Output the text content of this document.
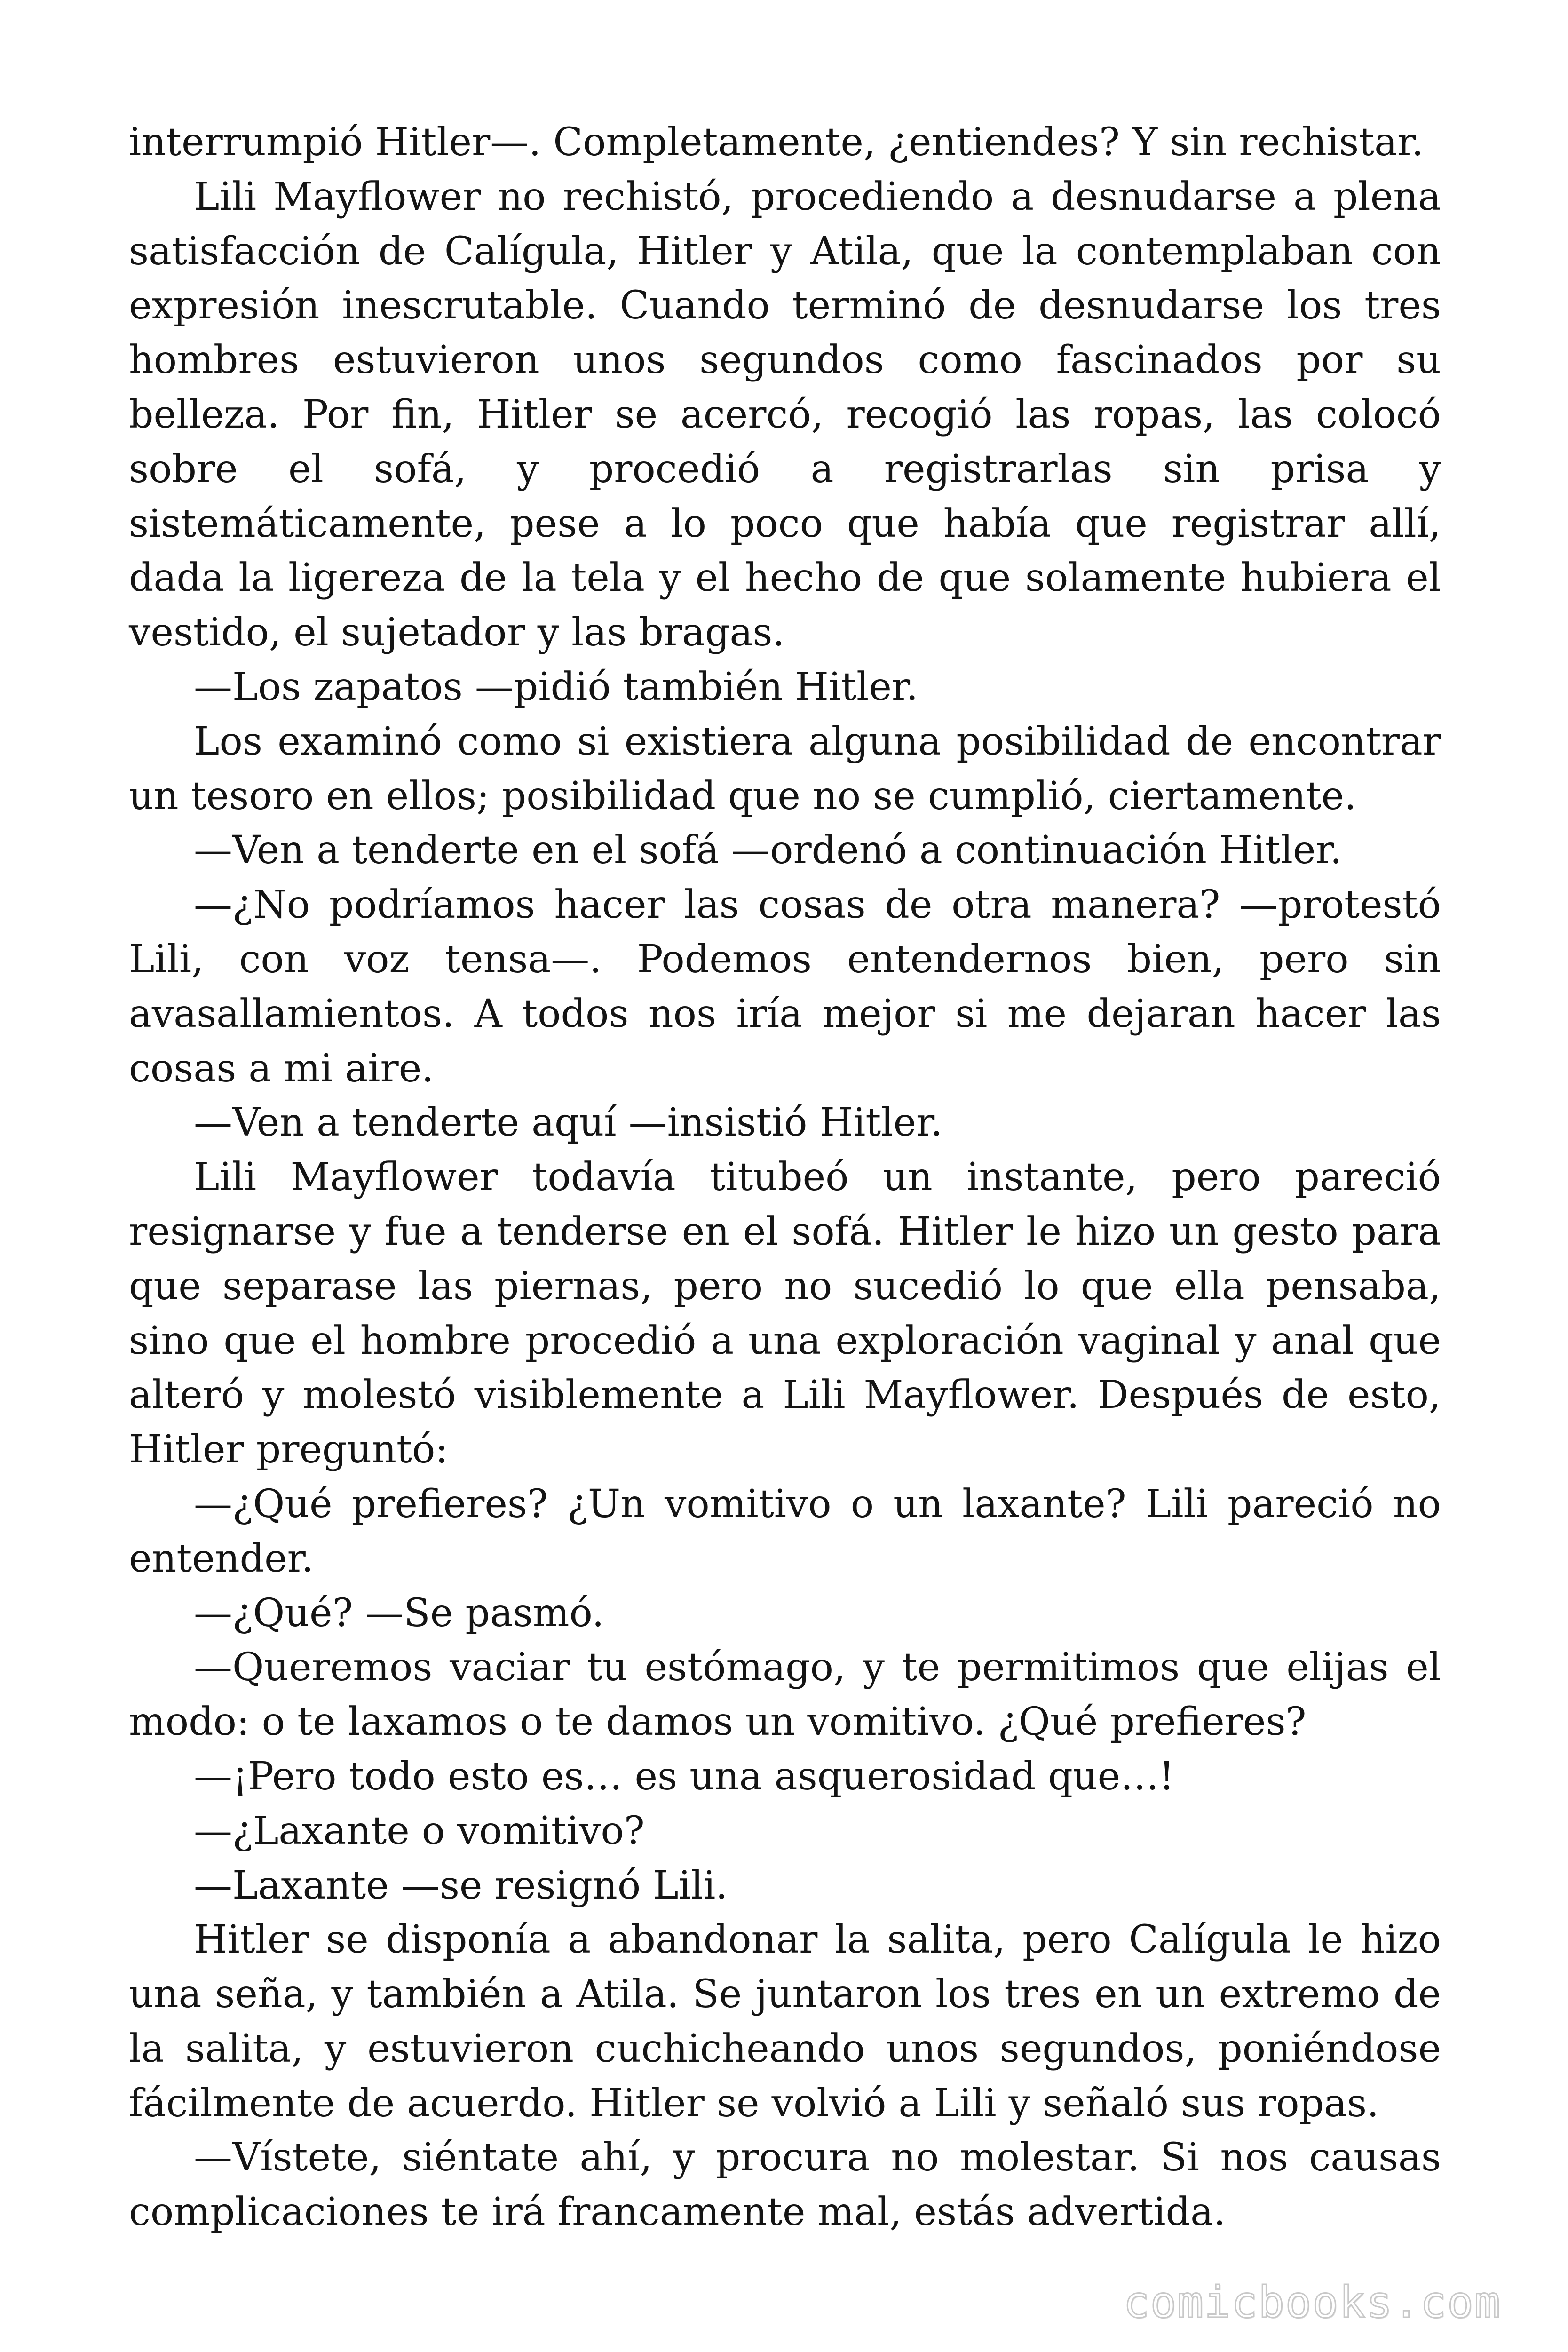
interrumpió Hitler—. Completamente, ¿entiendes? Y sin rechistar.

Lili Mayflower no rechistó, procediendo a desnudarse a plena satisfacción de Calígula, Hitler y Atila, que la contemplaban con expresión inescrutable. Cuando terminó de desnudarse los tres hombres estuvieron unos segundos como fascinados por su belleza. Por fin, Hitler se acercó, recogió las ropas, las colocó sobre el sofá, y procedió a registrarlas sin prisa y sistemáticamente, pese a lo poco que había que registrar allí, dada la ligereza de la tela y el hecho de que solamente hubiera el vestido, el sujetador y las bragas.

—Los zapatos —pidió también Hitler.

Los examinó como si existiera alguna posibilidad de encontrar un tesoro en ellos; posibilidad que no se cumplió, ciertamente.

—Ven a tenderte en el sofá —ordenó a continuación Hitler.

—¿No podríamos hacer las cosas de otra manera? —protestó Lili, con voz tensa—. Podemos entendernos bien, pero sin avasallamientos. A todos nos iría mejor si me dejaran hacer las cosas a mi aire.

—Ven a tenderte aquí —insistió Hitler.

Lili Mayflower todavía titubeó un instante, pero pareció resignarse y fue a tenderse en el sofá. Hitler le hizo un gesto para que separase las piernas, pero no sucedió lo que ella pensaba, sino que el hombre procedió a una exploración vaginal y anal que alteró y molestó visiblemente a Lili Mayflower. Después de esto, Hitler preguntó:

—¿Qué prefieres? ¿Un vomitivo o un laxante? Lili pareció no entender.

—¿Qué? —Se pasmó.

—Queremos vaciar tu estómago, y te permitimos que elijas el modo: o te laxamos o te damos un vomitivo. ¿Qué prefieres?

—¡Pero todo esto es… es una asquerosidad que…!

—¿Laxante o vomitivo?

—Laxante —se resignó Lili.

Hitler se disponía a abandonar la salita, pero Calígula le hizo una seña, y también a Atila. Se juntaron los tres en un extremo de la salita, y estuvieron cuchicheando unos segundos, poniéndose fácilmente de acuerdo. Hitler se volvió a Lili y señaló sus ropas.

—Vístete, siéntate ahí, y procura no molestar. Si nos causas complicaciones te irá francamente mal, estás advertida.

comicbooks.com
